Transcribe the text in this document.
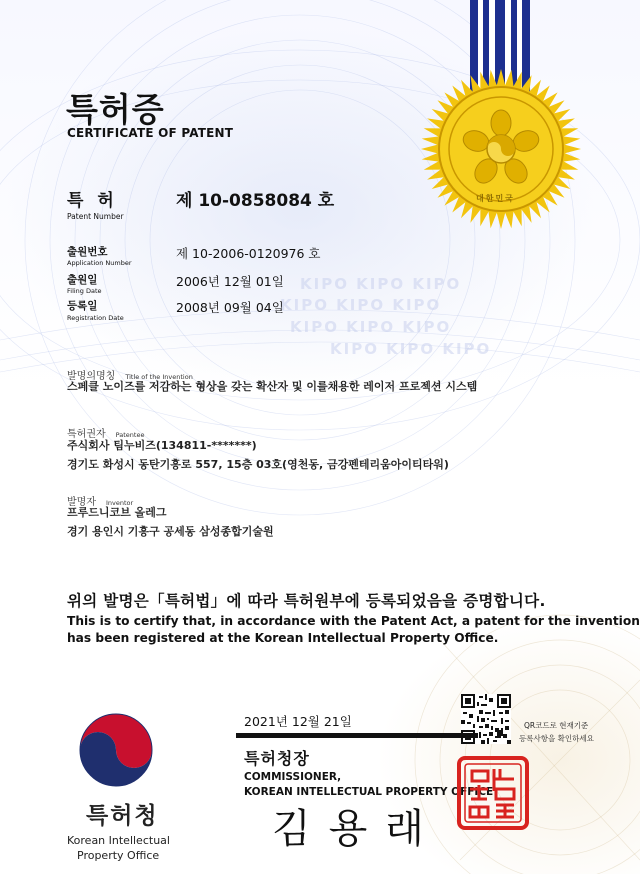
KIPO KIPO KIPO
KIPO KIPO KIPO
KIPO KIPO KIPO
KIPO KIPO KIPO
대한민국
특허증
CERTIFICATE OF PATENT
특 허
Patent Number
제 10-0858084 호
출원번호
Application Number
제 10-2006-0120976 호
출원일
Filing Date
2006년 12월 01일
등록일
Registration Date
2008년 09월 04일
발명의명칭 Title of the Invention
스페클 노이즈를 저감하는 형상을 갖는 확산자 및 이를채용한 레이저 프로젝션 시스템
특허권자 Patentee
주식회사 팀누비즈(134811-*******)
경기도 화성시 동탄기흥로 557, 15층 03호(영천동, 금강펜테리움아이티타워)
발명자 Inventor
프루드니코브 올레그
경기 용인시 기흥구 공세동 삼성종합기술원
위의 발명은「특허법」에 따라 특허원부에 등록되었음을 증명합니다.
This is to certify that, in accordance with the Patent Act, a patent for the invention
has been registered at the Korean Intellectual Property Office.
2021년 12월 21일	QR코드로 현재기준
등록사항을 확인하세요
특허청장
COMMISSIONER,
KOREAN INTELLECTUAL PROPERTY OFFICE
김용래
특허청
Korean Intellectual
Property Office
